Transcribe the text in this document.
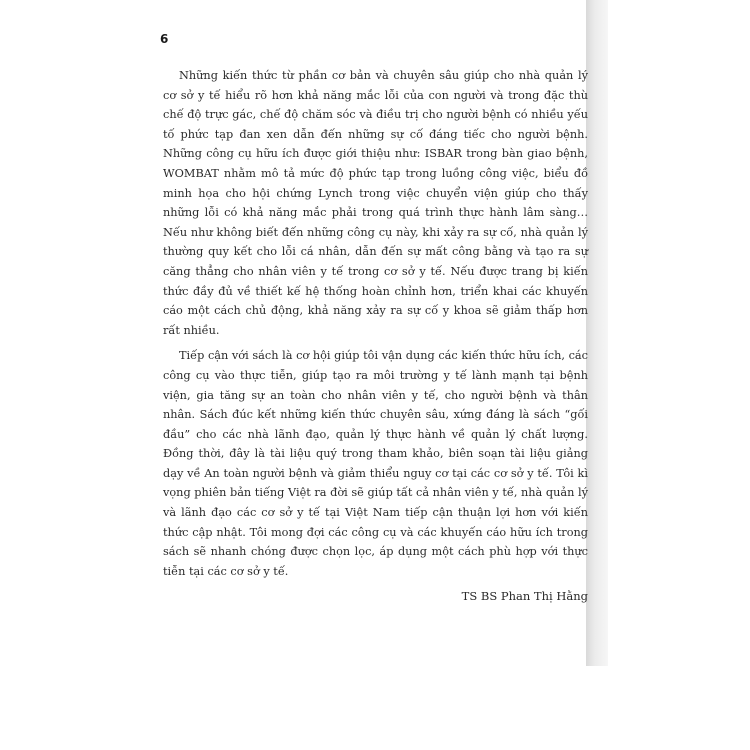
6

Những kiến thức từ phần cơ bản và chuyên sâu giúp cho nhà quản lý cơ sở y tế hiểu rõ hơn khả năng mắc lỗi của con người và trong đặc thù chế độ trực gác, chế độ chăm sóc và điều trị cho người bệnh có nhiều yếu tố phức tạp đan xen dẫn đến những sự cố đáng tiếc cho người bệnh. Những công cụ hữu ích được giới thiệu như: ISBAR trong bàn giao bệnh, WOMBAT nhằm mô tả mức độ phức tạp trong luồng công việc, biểu đồ minh họa cho hội chứng Lynch trong việc chuyển viện giúp cho thấy những lỗi có khả năng mắc phải trong quá trình thực hành lâm sàng… Nếu như không biết đến những công cụ này, khi xảy ra sự cố, nhà quản lý thường quy kết cho lỗi cá nhân, dẫn đến sự mất công bằng và tạo ra sự căng thẳng cho nhân viên y tế trong cơ sở y tế. Nếu được trang bị kiến thức đầy đủ về thiết kế hệ thống hoàn chỉnh hơn, triển khai các khuyến cáo một cách chủ động, khả năng xảy ra sự cố y khoa sẽ giảm thấp hơn rất nhiều.

Tiếp cận với sách là cơ hội giúp tôi vận dụng các kiến thức hữu ích, các công cụ vào thực tiễn, giúp tạo ra môi trường y tế lành mạnh tại bệnh viện, gia tăng sự an toàn cho nhân viên y tế, cho người bệnh và thân nhân. Sách đúc kết những kiến thức chuyên sâu, xứng đáng là sách “gối đầu” cho các nhà lãnh đạo, quản lý thực hành về quản lý chất lượng. Đồng thời, đây là tài liệu quý trong tham khảo, biên soạn tài liệu giảng dạy về An toàn người bệnh và giảm thiểu nguy cơ tại các cơ sở y tế. Tôi kì vọng phiên bản tiếng Việt ra đời sẽ giúp tất cả nhân viên y tế, nhà quản lý và lãnh đạo các cơ sở y tế tại Việt Nam tiếp cận thuận lợi hơn với kiến thức cập nhật. Tôi mong đợi các công cụ và các khuyến cáo hữu ích trong sách sẽ nhanh chóng được chọn lọc, áp dụng một cách phù hợp với thực tiễn tại các cơ sở y tế.

TS BS Phan Thị Hằng
